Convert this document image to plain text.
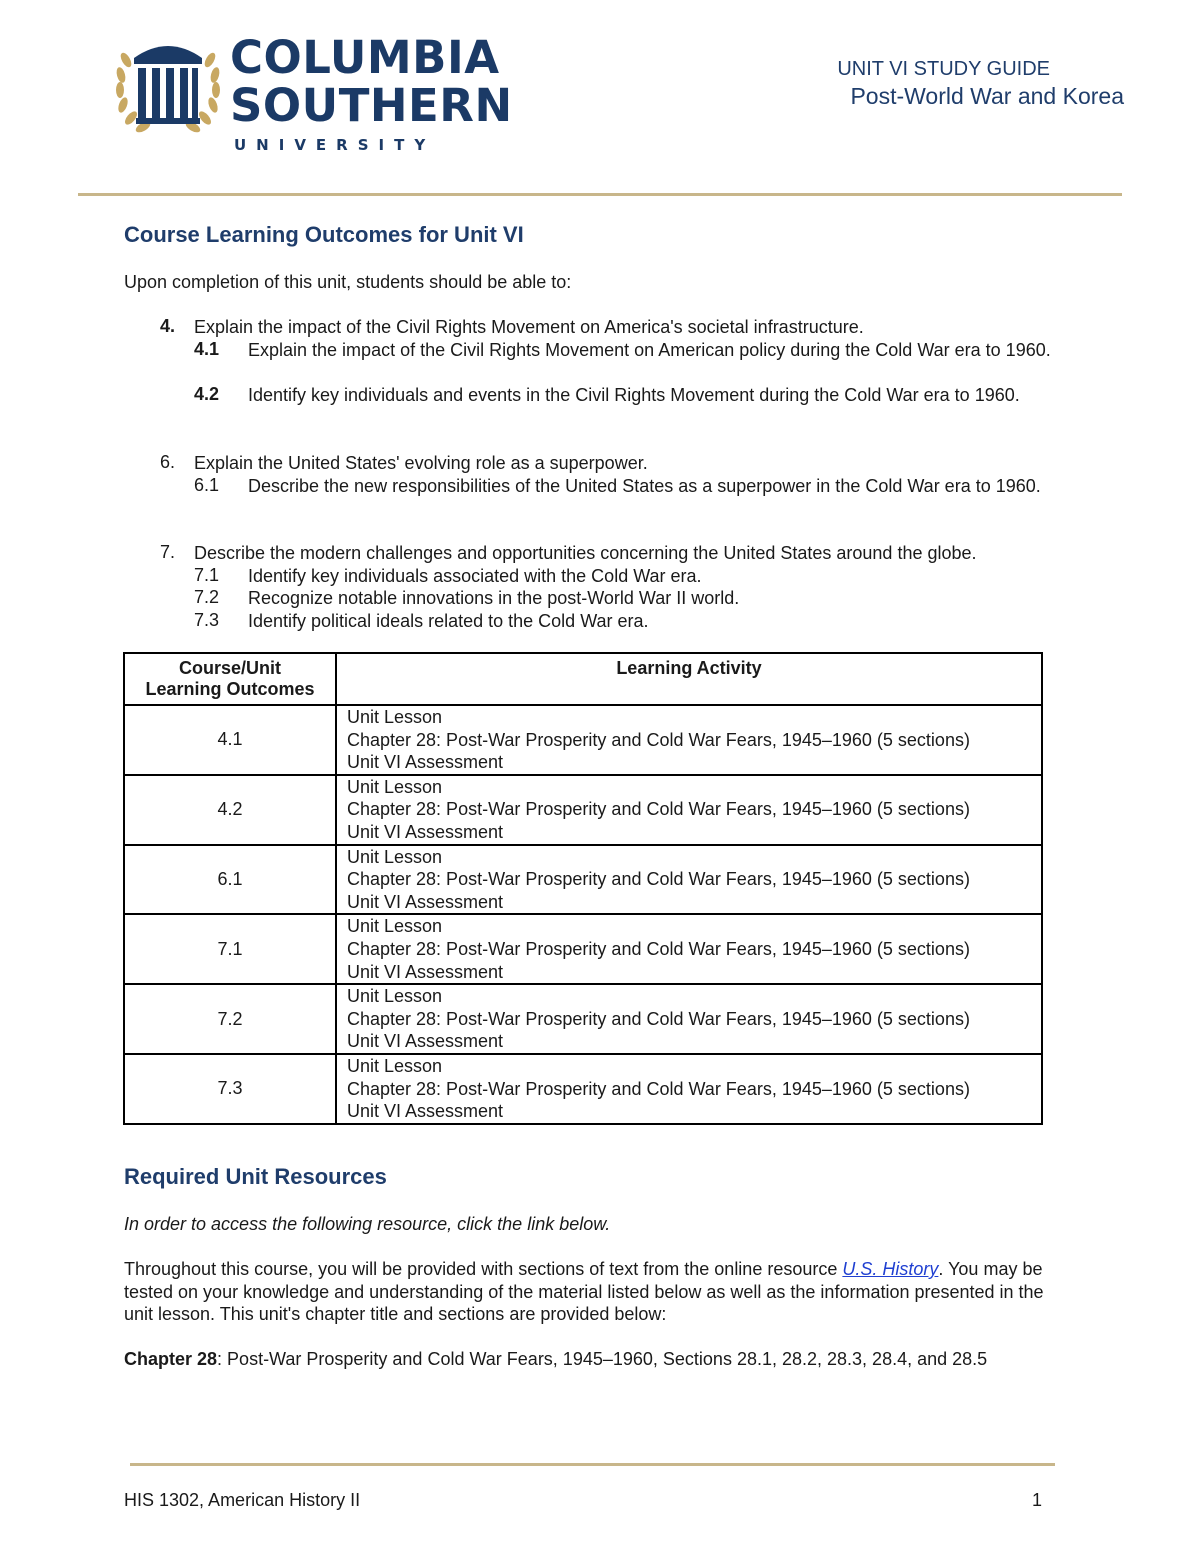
COLUMBIA
SOUTHERN
UNIVERSITY
UNIT VI STUDY GUIDE
Post-World War and Korea
Course Learning Outcomes for Unit VI
Upon completion of this unit, students should be able to:
4. Explain the impact of the Civil Rights Movement on America's societal infrastructure.
4.1 Explain the impact of the Civil Rights Movement on American policy during the Cold War era to 1960.
4.2 Identify key individuals and events in the Civil Rights Movement during the Cold War era to 1960.
6. Explain the United States' evolving role as a superpower.
6.1 Describe the new responsibilities of the United States as a superpower in the Cold War era to 1960.
7. Describe the modern challenges and opportunities concerning the United States around the globe.
7.1 Identify key individuals associated with the Cold War era.
7.2 Recognize notable innovations in the post-World War II world.
7.3 Identify political ideals related to the Cold War era.
Course/Unit
Learning Outcomes	Learning Activity
4.1	Unit Lesson
Chapter 28: Post-War Prosperity and Cold War Fears, 1945–1960 (5 sections)
Unit VI Assessment

4.2	Unit Lesson
Chapter 28: Post-War Prosperity and Cold War Fears, 1945–1960 (5 sections)
Unit VI Assessment

6.1	Unit Lesson
Chapter 28: Post-War Prosperity and Cold War Fears, 1945–1960 (5 sections)
Unit VI Assessment

7.1	Unit Lesson
Chapter 28: Post-War Prosperity and Cold War Fears, 1945–1960 (5 sections)
Unit VI Assessment

7.2	Unit Lesson
Chapter 28: Post-War Prosperity and Cold War Fears, 1945–1960 (5 sections)
Unit VI Assessment

7.3	Unit Lesson
Chapter 28: Post-War Prosperity and Cold War Fears, 1945–1960 (5 sections)
Unit VI Assessment
Required Unit Resources
In order to access the following resource, click the link below.
Throughout this course, you will be provided with sections of text from the online resource U.S. History. You may be tested on your knowledge and understanding of the material listed below as well as the information presented in the unit lesson. This unit's chapter title and sections are provided below:
Chapter 28: Post-War Prosperity and Cold War Fears, 1945–1960, Sections 28.1, 28.2, 28.3, 28.4, and 28.5
HIS 1302, American History II	1
